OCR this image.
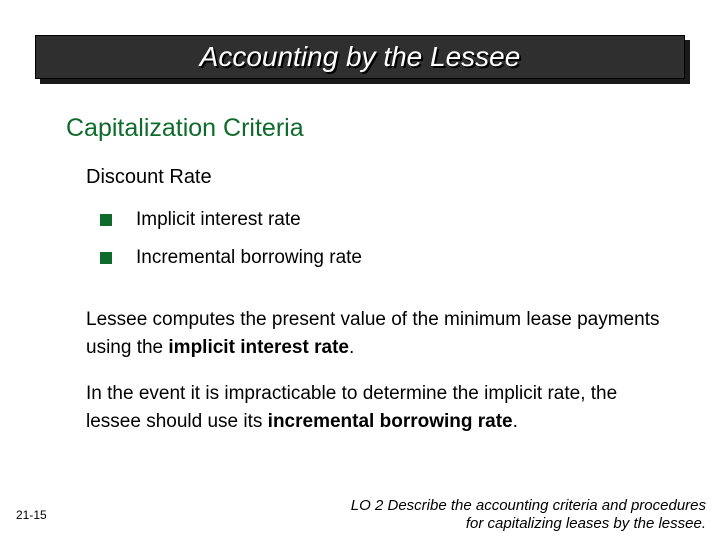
Accounting by the Lessee
Capitalization Criteria
Discount Rate
Implicit interest rate
Incremental borrowing rate
Lessee computes the present value of the minimum lease payments using the implicit interest rate.
In the event it is impracticable to determine the implicit rate, the lessee should use its incremental borrowing rate.
21-15
LO 2 Describe the accounting criteria and procedures
for capitalizing leases by the lessee.
